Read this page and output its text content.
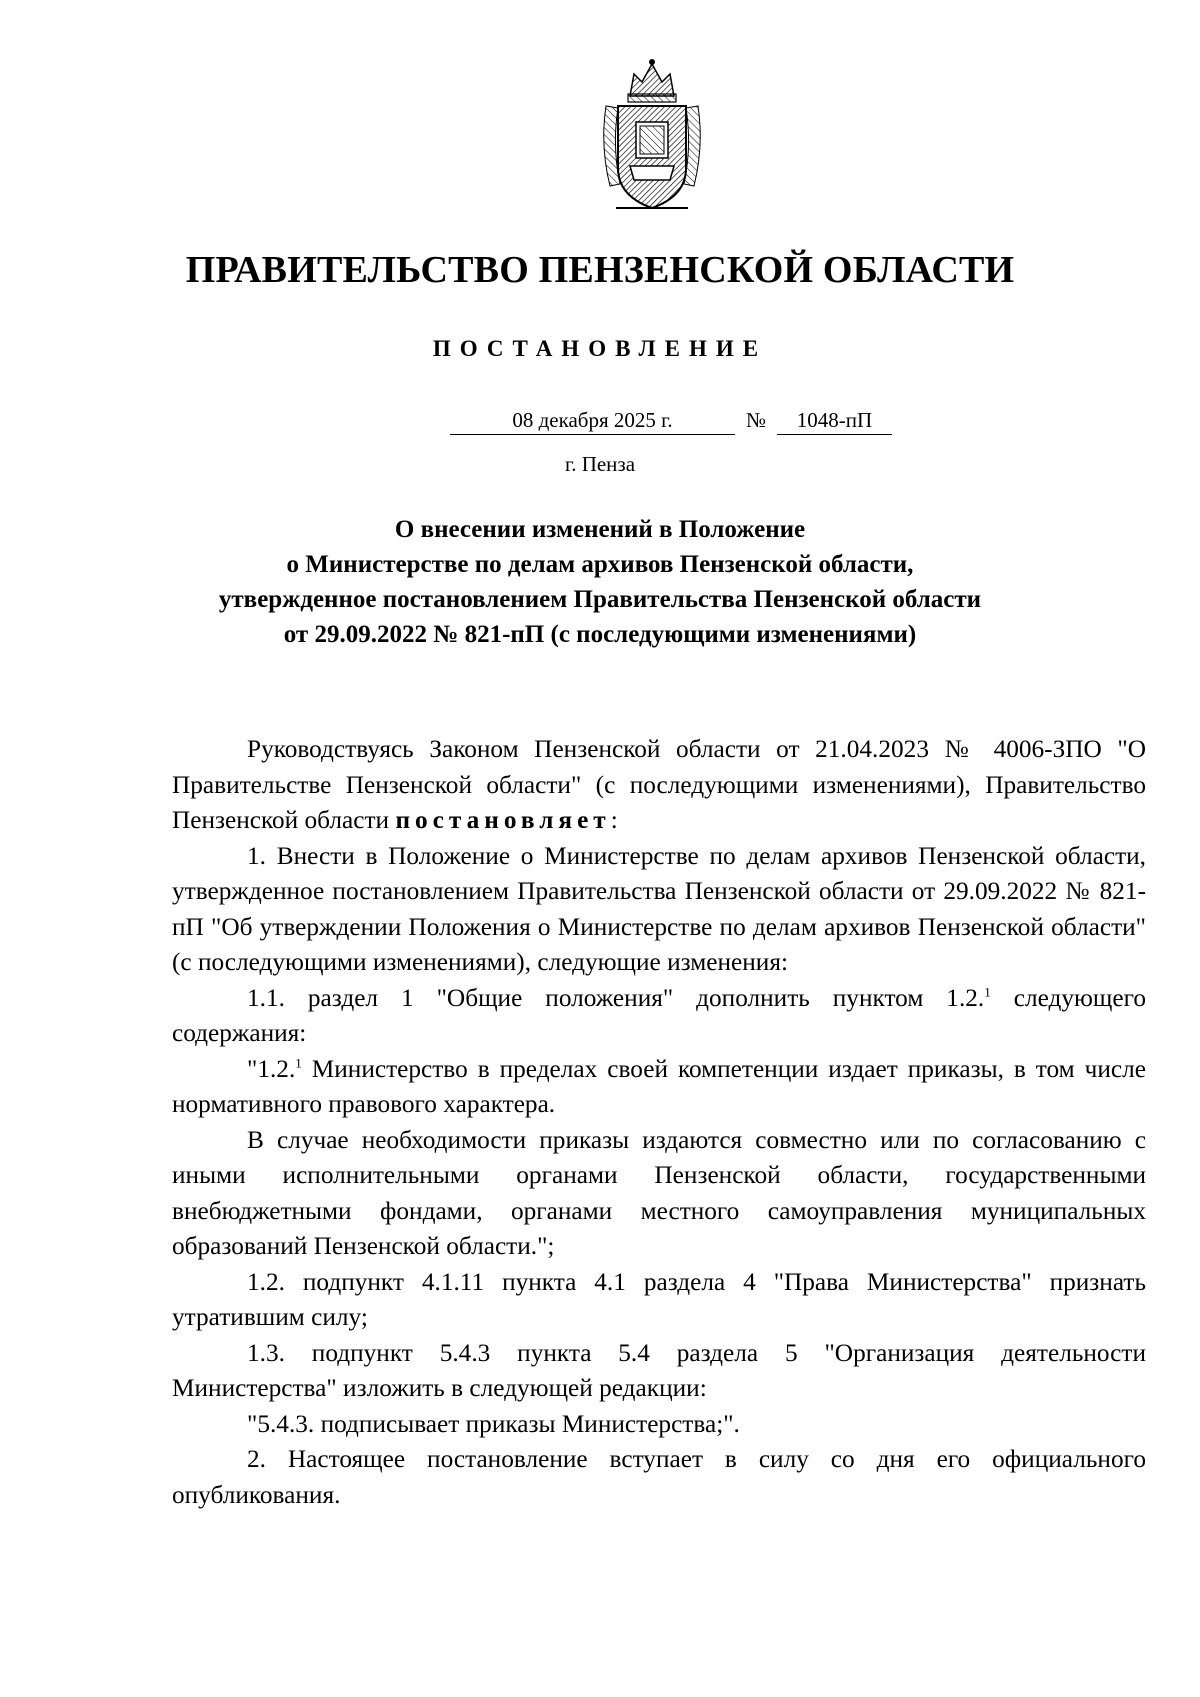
ПРАВИТЕЛЬСТВО ПЕНЗЕНСКОЙ ОБЛАСТИ
ПОСТАНОВЛЕНИЕ
08 декабря 2025 г.	№	1048-пП
г. Пенза
О внесении изменений в Положение
о Министерстве по делам архивов Пензенской области,
утвержденное постановлением Правительства Пензенской области
от 29.09.2022 № 821-пП (с последующими изменениями)

Руководствуясь Законом Пензенской области от 21.04.2023 № 4006-ЗПО "О Правительстве Пензенской области" (с последующими изменениями), Правительство Пензенской области постановляет:

1. Внести в Положение о Министерстве по делам архивов Пензенской области, утвержденное постановлением Правительства Пензенской области от 29.09.2022 № 821-пП "Об утверждении Положения о Министерстве по делам архивов Пензенской области" (с последующими изменениями), следующие изменения:

1.1. раздел 1 "Общие положения" дополнить пунктом 1.2.$^1$ следующего содержания:

"1.2.$^1$ Министерство в пределах своей компетенции издает приказы, в том числе нормативного правового характера.

В случае необходимости приказы издаются совместно или по согласованию с иными исполнительными органами Пензенской области, государственными внебюджетными фондами, органами местного самоуправления муниципальных образований Пензенской области.";

1.2. подпункт 4.1.11 пункта 4.1 раздела 4 "Права Министерства" признать утратившим силу;

1.3. подпункт 5.4.3 пункта 5.4 раздела 5 "Организация деятельности Министерства" изложить в следующей редакции:

"5.4.3. подписывает приказы Министерства;".

2. Настоящее постановление вступает в силу со дня его официального опубликования.
